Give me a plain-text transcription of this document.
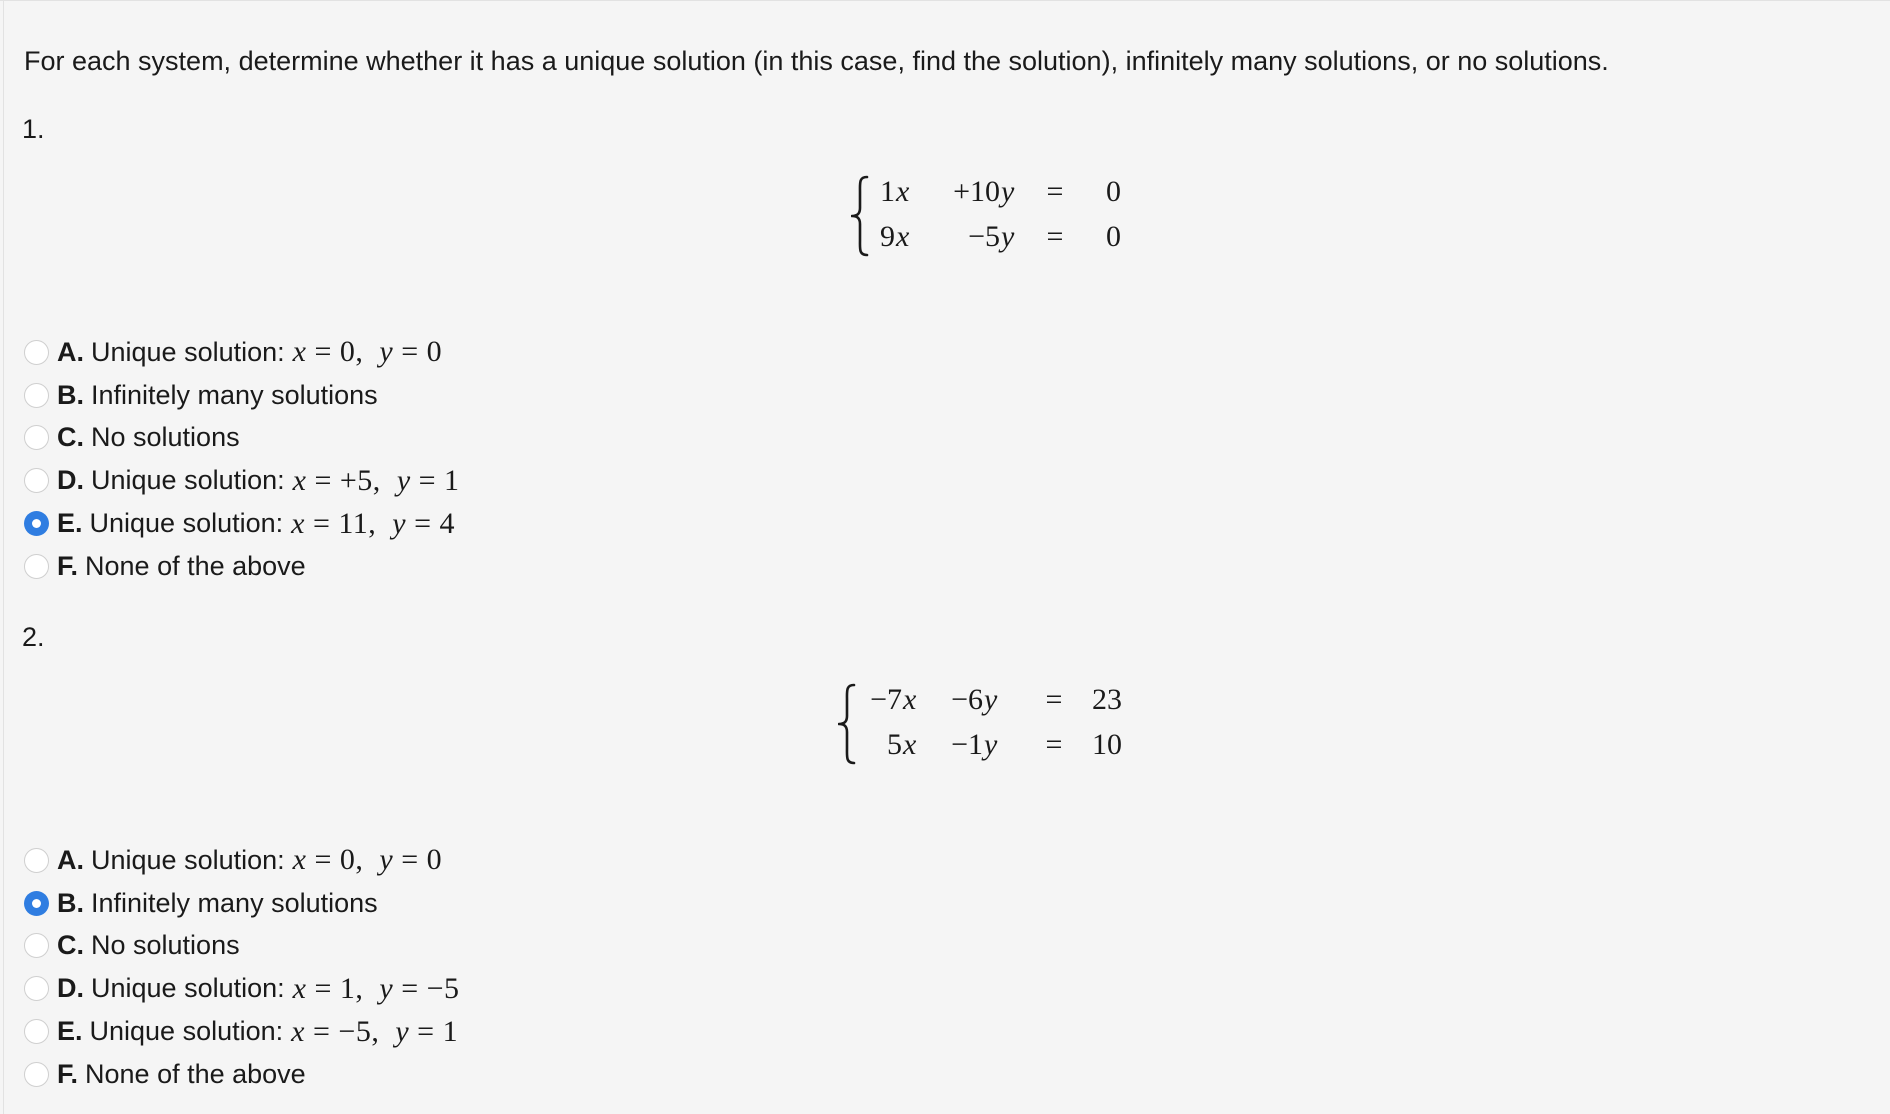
For each system, determine whether it has a unique solution (in this case, find the solution), infinitely many solutions, or no solutions.
1.
1 x	+10 y =	0
9 x	−5 y =	0
A. Unique solution: x = 0,  y = 0
B. Infinitely many solutions
C. No solutions
D. Unique solution: x = +5,  y = 1
E. Unique solution: x = 11,  y = 4
F. None of the above
2.
−7 x	−6 y = 23
5 x	−1 y = 10
A. Unique solution: x = 0,  y = 0
B. Infinitely many solutions
C. No solutions
D. Unique solution: x = 1,  y = −5
E. Unique solution: x = −5,  y = 1
F. None of the above
